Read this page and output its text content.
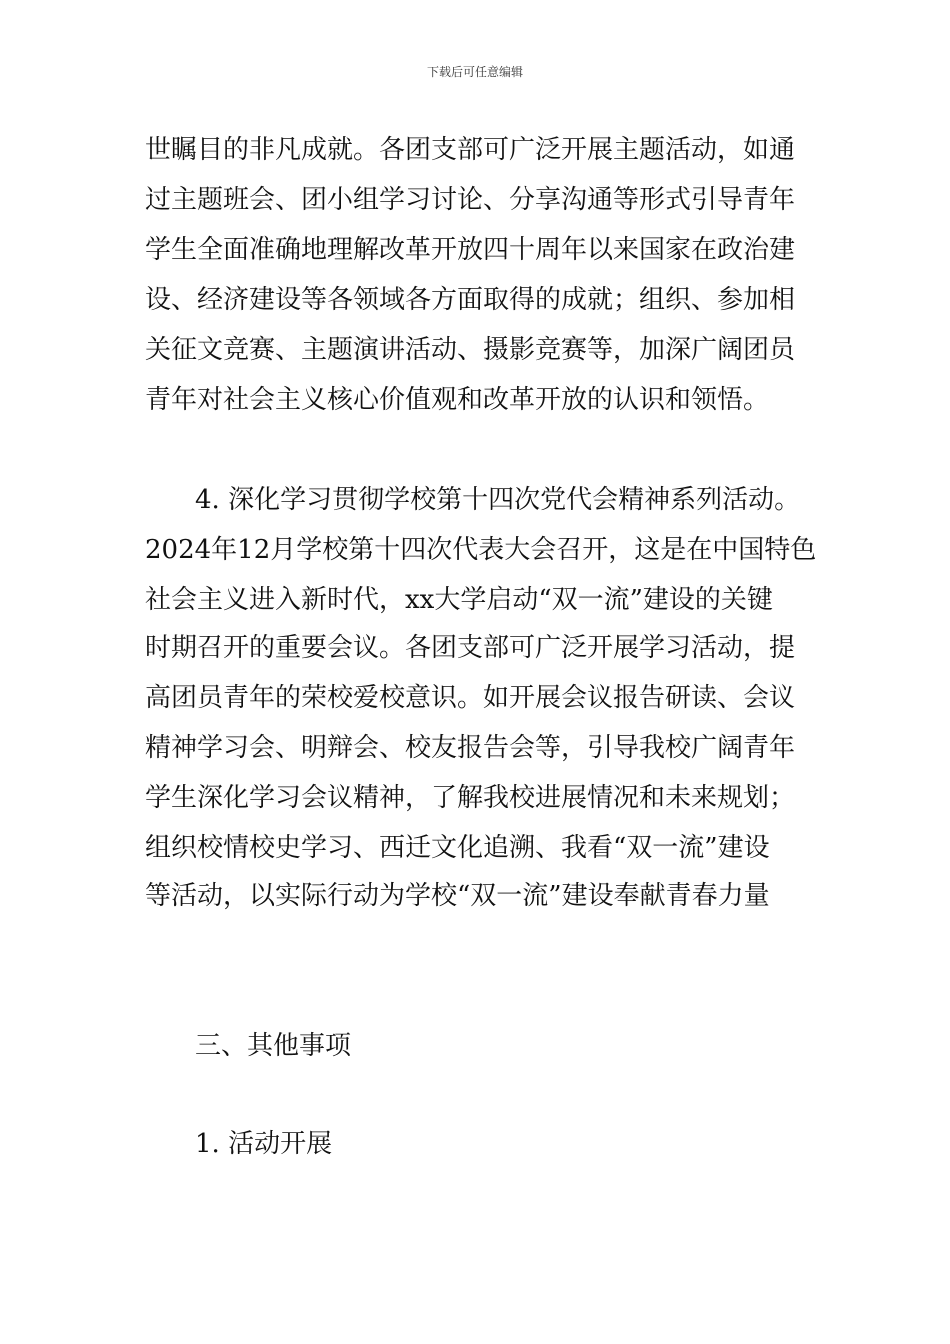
下载后可任意编辑
世瞩目的非凡成就。各团支部可广泛开展主题活动，如通
过主题班会、团小组学习讨论、分享沟通等形式引导青年
学生全面准确地理解改革开放四十周年以来国家在政治建
设、经济建设等各领域各方面取得的成就；组织、参加相
关征文竞赛、主题演讲活动、摄影竞赛等，加深广阔团员
青年对社会主义核心价值观和改革开放的认识和领悟。
4. 深化学习贯彻学校第十四次党代会精神系列活动。
2024年12月学校第十四次代表大会召开，这是在中国特色
社会主义进入新时代，xx大学启动“双一流”建设的关键
时期召开的重要会议。各团支部可广泛开展学习活动，提
高团员青年的荣校爱校意识。如开展会议报告研读、会议
精神学习会、明辩会、校友报告会等，引导我校广阔青年
学生深化学习会议精神，了解我校进展情况和未来规划；
组织校情校史学习、西迁文化追溯、我看“双一流”建设
等活动，以实际行动为学校“双一流”建设奉献青春力量
三、其他事项
1. 活动开展
